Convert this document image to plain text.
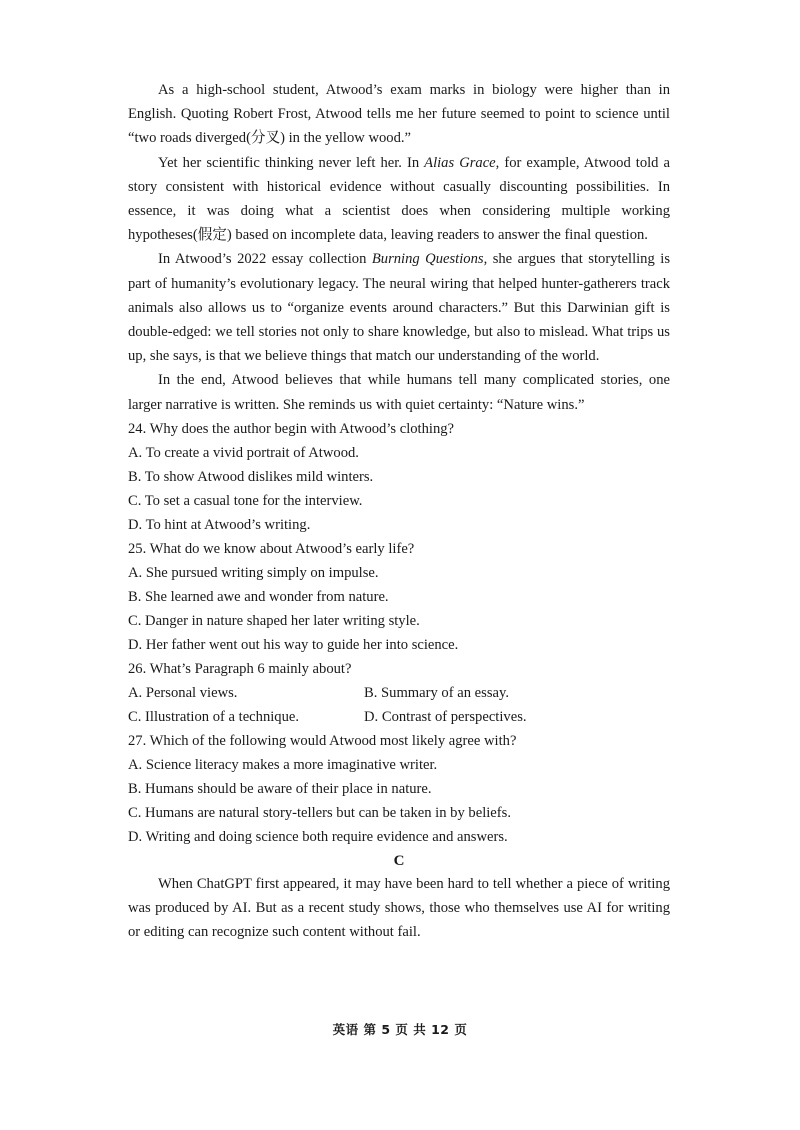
As a high-school student, Atwood’s exam marks in biology were higher than in English. Quoting Robert Frost, Atwood tells me her future seemed to point to science until “two roads diverged(分叉) in the yellow wood.”

Yet her scientific thinking never left her. In Alias Grace, for example, Atwood told a story consistent with historical evidence without casually discounting possibilities. In essence, it was doing what a scientist does when considering multiple working hypotheses(假定) based on incomplete data, leaving readers to answer the final question.

In Atwood’s 2022 essay collection Burning Questions, she argues that storytelling is part of humanity’s evolutionary legacy. The neural wiring that helped hunter-gatherers track animals also allows us to “organize events around characters.” But this Darwinian gift is double-edged: we tell stories not only to share knowledge, but also to mislead. What trips us up, she says, is that we believe things that match our understanding of the world.

In the end, Atwood believes that while humans tell many complicated stories, one larger narrative is written. She reminds us with quiet certainty: “Nature wins.”

24. Why does the author begin with Atwood’s clothing?
A. To create a vivid portrait of Atwood.
B. To show Atwood dislikes mild winters.
C. To set a casual tone for the interview.
D. To hint at Atwood’s writing.
25. What do we know about Atwood’s early life?
A. She pursued writing simply on impulse.
B. She learned awe and wonder from nature.
C. Danger in nature shaped her later writing style.
D. Her father went out his way to guide her into science.
26. What’s Paragraph 6 mainly about?
A. Personal views.	B. Summary of an essay.
C. Illustration of a technique.	D. Contrast of perspectives.
27. Which of the following would Atwood most likely agree with?
A. Science literacy makes a more imaginative writer.
B. Humans should be aware of their place in nature.
C. Humans are natural story-tellers but can be taken in by beliefs.
D. Writing and doing science both require evidence and answers.
C

When ChatGPT first appeared, it may have been hard to tell whether a piece of writing was produced by AI. But as a recent study shows, those who themselves use AI for writing or editing can recognize such content without fail.

英语 第 5 页 共 12 页
